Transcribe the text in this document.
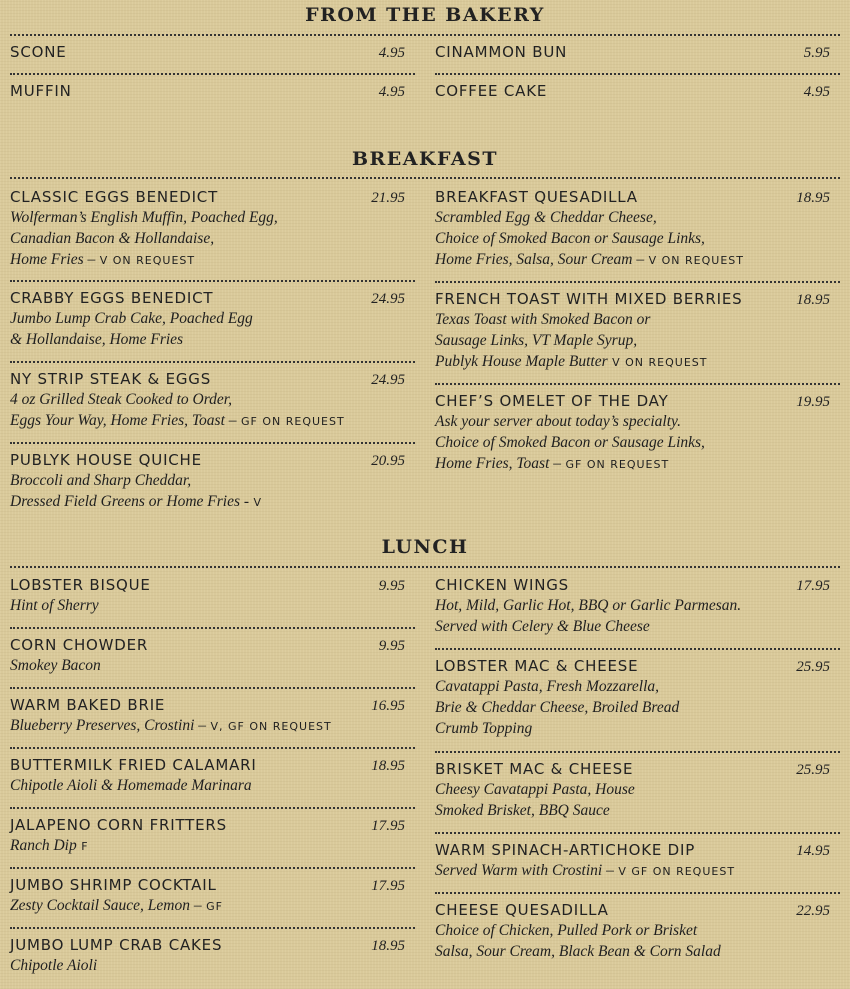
FROM THE BAKERY
SCONE	4.95
MUFFIN	4.95
CINAMMON BUN	5.95
COFFEE CAKE	4.95
BREAKFAST
CLASSIC EGGS BENEDICT	21.95
Wolferman’s English Muffin, Poached Egg,
Canadian Bacon & Hollandaise,
Home Fries – V ON REQUEST
CRABBY EGGS BENEDICT	24.95
Jumbo Lump Crab Cake, Poached Egg
& Hollandaise, Home Fries
NY STRIP STEAK & EGGS	24.95
4 oz Grilled Steak Cooked to Order,
Eggs Your Way, Home Fries, Toast – GF ON REQUEST
PUBLYK HOUSE QUICHE	20.95
Broccoli and Sharp Cheddar,
Dressed Field Greens or Home Fries - V
BREAKFAST QUESADILLA	18.95
Scrambled Egg & Cheddar Cheese,
Choice of Smoked Bacon or Sausage Links,
Home Fries, Salsa, Sour Cream – V ON REQUEST
FRENCH TOAST WITH MIXED BERRIES	18.95
Texas Toast with Smoked Bacon or
Sausage Links, VT Maple Syrup,
Publyk House Maple Butter V ON REQUEST
CHEF’S OMELET OF THE DAY	19.95
Ask your server about today’s specialty.
Choice of Smoked Bacon or Sausage Links,
Home Fries, Toast – GF ON REQUEST
LUNCH
LOBSTER BISQUE	9.95
Hint of Sherry
CORN CHOWDER	9.95
Smokey Bacon
WARM BAKED BRIE	16.95
Blueberry Preserves, Crostini – V, GF ON REQUEST
BUTTERMILK FRIED CALAMARI	18.95
Chipotle Aioli & Homemade Marinara
JALAPENO CORN FRITTERS	17.95
Ranch Dip F
JUMBO SHRIMP COCKTAIL	17.95
Zesty Cocktail Sauce, Lemon – GF
JUMBO LUMP CRAB CAKES	18.95
Chipotle Aioli
CHICKEN WINGS	17.95
Hot, Mild, Garlic Hot, BBQ or Garlic Parmesan.
Served with Celery & Blue Cheese
LOBSTER MAC & CHEESE	25.95
Cavatappi Pasta, Fresh Mozzarella,
Brie & Cheddar Cheese, Broiled Bread
Crumb Topping
BRISKET MAC & CHEESE	25.95
Cheesy Cavatappi Pasta, House
Smoked Brisket, BBQ Sauce
WARM SPINACH-ARTICHOKE DIP	14.95
Served Warm with Crostini – V GF ON REQUEST
CHEESE QUESADILLA	22.95
Choice of Chicken, Pulled Pork or Brisket
Salsa, Sour Cream, Black Bean & Corn Salad
